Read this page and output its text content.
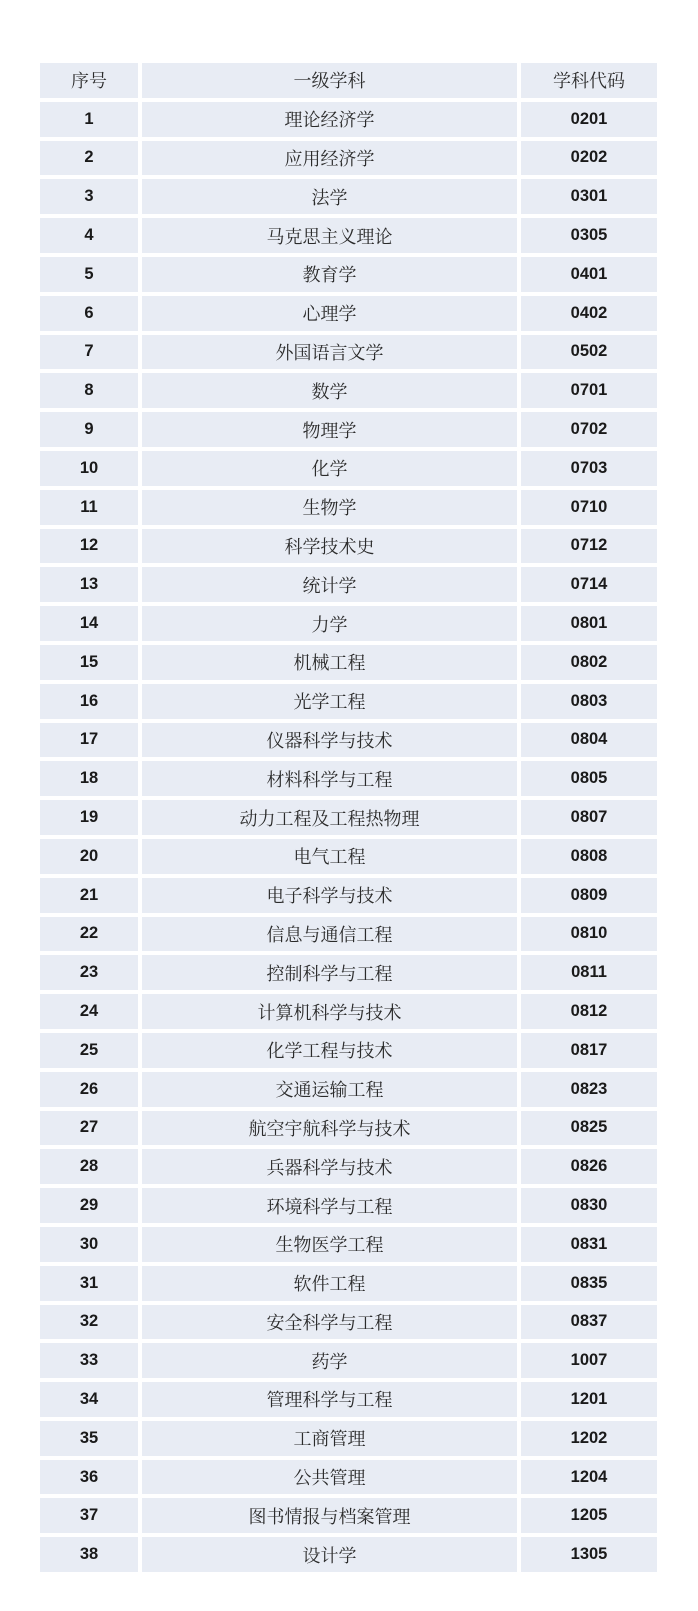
序号	一级学科	学科代码
1	理论经济学	0201
2	应用经济学	0202
3	法学	0301
4	马克思主义理论	0305
5	教育学	0401
6	心理学	0402
7	外国语言文学	0502
8	数学	0701
9	物理学	0702
10	化学	0703
11	生物学	0710
12	科学技术史	0712
13	统计学	0714
14	力学	0801
15	机械工程	0802
16	光学工程	0803
17	仪器科学与技术	0804
18	材料科学与工程	0805
19	动力工程及工程热物理	0807
20	电气工程	0808
21	电子科学与技术	0809
22	信息与通信工程	0810
23	控制科学与工程	0811
24	计算机科学与技术	0812
25	化学工程与技术	0817
26	交通运输工程	0823
27	航空宇航科学与技术	0825
28	兵器科学与技术	0826
29	环境科学与工程	0830
30	生物医学工程	0831
31	软件工程	0835
32	安全科学与工程	0837
33	药学	1007
34	管理科学与工程	1201
35	工商管理	1202
36	公共管理	1204
37	图书情报与档案管理	1205
38	设计学	1305
